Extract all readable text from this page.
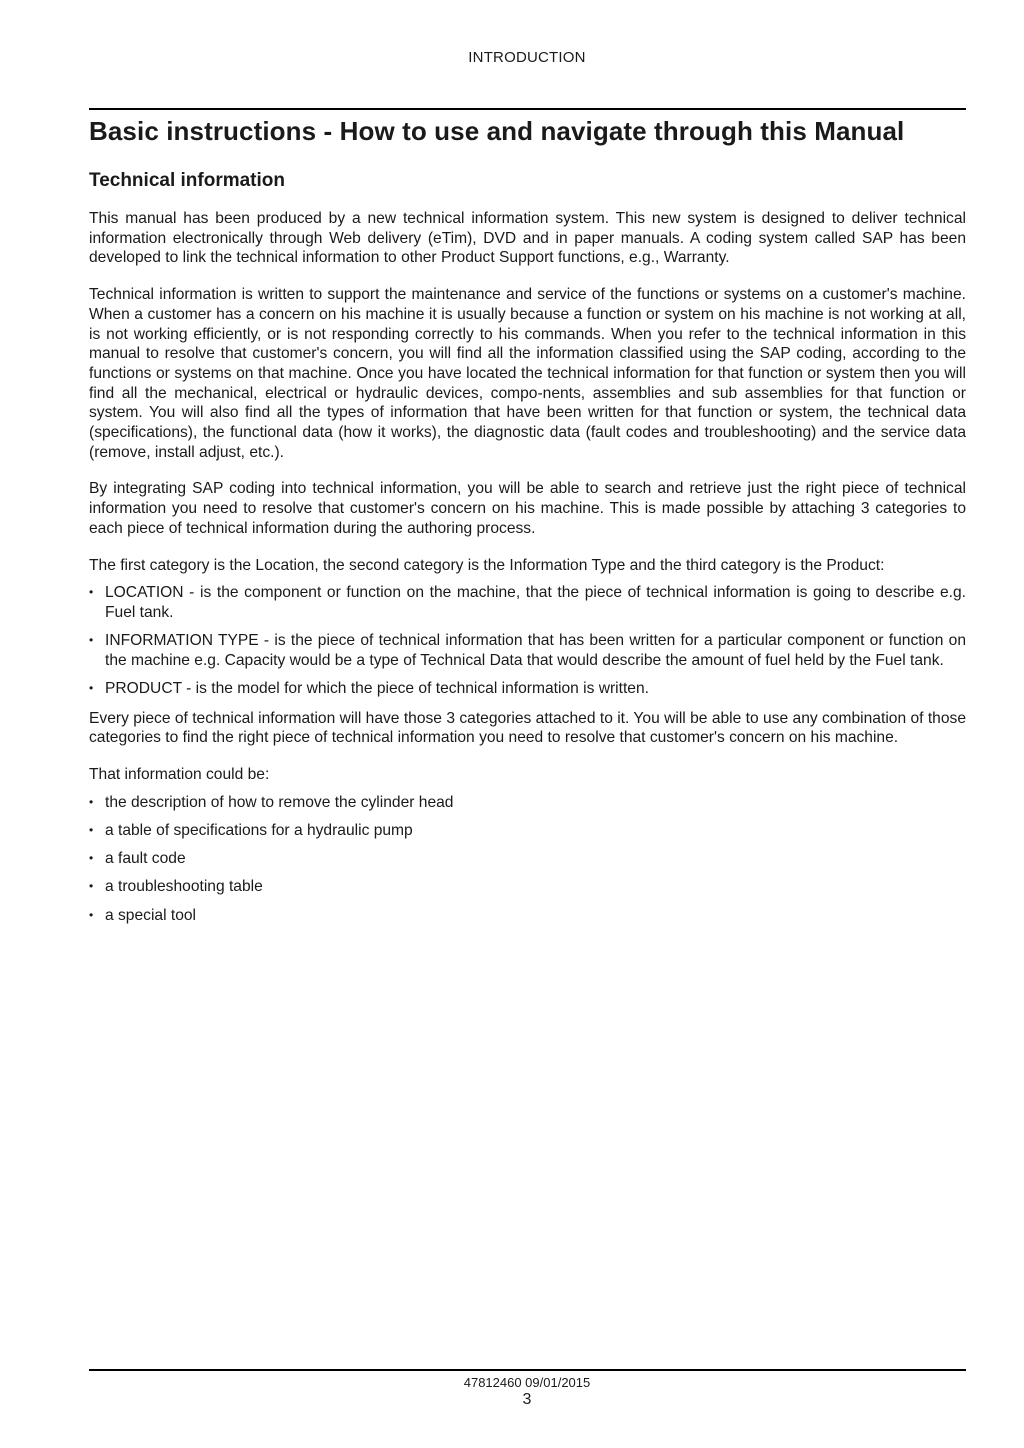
INTRODUCTION
Basic instructions - How to use and navigate through this Manual
Technical information

This manual has been produced by a new technical information system. This new system is designed to deliver technical information electronically through Web delivery (eTim), DVD and in paper manuals. A coding system called SAP has been developed to link the technical information to other Product Support functions, e.g., Warranty.

Technical information is written to support the maintenance and service of the functions or systems on a customer's machine. When a customer has a concern on his machine it is usually because a function or system on his machine is not working at all, is not working efficiently, or is not responding correctly to his commands. When you refer to the technical information in this manual to resolve that customer's concern, you will find all the information classified using the SAP coding, according to the functions or systems on that machine. Once you have located the technical information for that function or system then you will find all the mechanical, electrical or hydraulic devices, compo-nents, assemblies and sub assemblies for that function or system. You will also find all the types of information that have been written for that function or system, the technical data (specifications), the functional data (how it works), the diagnostic data (fault codes and troubleshooting) and the service data (remove, install adjust, etc.).

By integrating SAP coding into technical information, you will be able to search and retrieve just the right piece of technical information you need to resolve that customer's concern on his machine. This is made possible by attaching 3 categories to each piece of technical information during the authoring process.

The first category is the Location, the second category is the Information Type and the third category is the Product:

• LOCATION - is the component or function on the machine, that the piece of technical information is going to describe e.g. Fuel tank.
• INFORMATION TYPE - is the piece of technical information that has been written for a particular component or function on the machine e.g. Capacity would be a type of Technical Data that would describe the amount of fuel held by the Fuel tank.
• PRODUCT - is the model for which the piece of technical information is written.

Every piece of technical information will have those 3 categories attached to it. You will be able to use any combination of those categories to find the right piece of technical information you need to resolve that customer's concern on his machine.

That information could be:

• the description of how to remove the cylinder head
• a table of specifications for a hydraulic pump
• a fault code
• a troubleshooting table
• a special tool
47812460 09/01/2015
3
